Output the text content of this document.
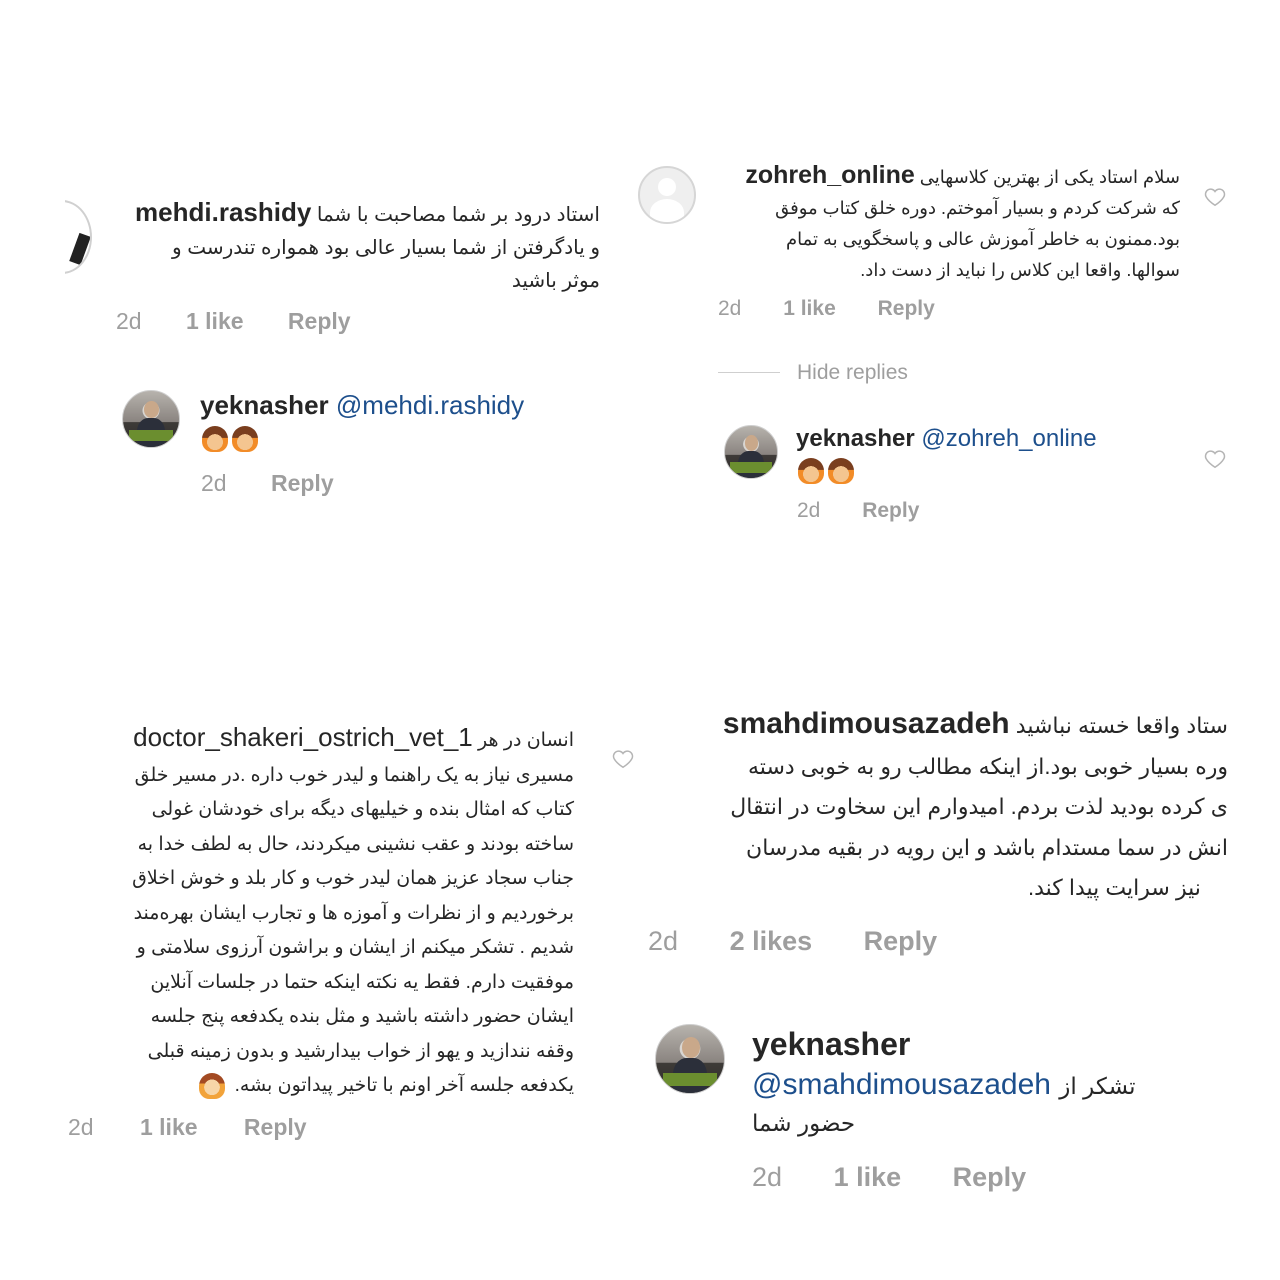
استاد درود بر شما مصاحبت با شما mehdi.rashidy
و یادگرفتن از شما بسیار عالی بود همواره تندرست و
موثر باشید
2d 1 like Reply
yeknasher @mehdi.rashidy
2d Reply
سلام استاد یکی از بهترین کلاسهایی zohreh_online
که شرکت کردم و بسیار آموختم. دوره خلق کتاب موفق
بود.ممنون به خاطر آموزش عالی و پاسخگویی به تمام
سوالها. واقعا این کلاس را نباید از دست داد.
2d 1 like Reply
Hide replies
yeknasher @zohreh_online
2d Reply
انسان در هر doctor_shakeri_ostrich_vet_1
مسیری نیاز به یک راهنما و لیدر خوب داره .در مسیر خلق
کتاب که امثال بنده و خیلیهای دیگه برای خودشان غولی
ساخته بودند و عقب نشینی میکردند، حال به لطف خدا به
جناب سجاد عزیز همان لیدر خوب و کار بلد و خوش اخلاق
برخوردیم و از نظرات و آموزه ها و تجارب ایشان بهره‌مند
شدیم . تشکر میکنم از ایشان و براشون آرزوی سلامتی و
موفقیت دارم. فقط یه نکته اینکه حتما در جلسات آنلاین
ایشان حضور داشته باشید و مثل بنده یکدفعه پنج جلسه
وقفه نندازید و یهو از خواب بیدارشید و بدون زمینه قبلی
یکدفعه جلسه آخر اونم با تاخیر پیداتون بشه.
2d 1 like Reply
ستاد واقعا خسته نباشید smahdimousazadeh
وره بسیار خوبی بود.از اینکه مطالب رو به خوبی دسته
ی کرده بودید لذت بردم. امیدوارم این سخاوت در انتقال
انش در سما مستدام باشد و این رویه در بقیه مدرسان
نیز سرایت پیدا کند.
2d 2 likes Reply
yeknasher
@smahdimousazadeh تشکر از
حضور شما
2d 1 like Reply
